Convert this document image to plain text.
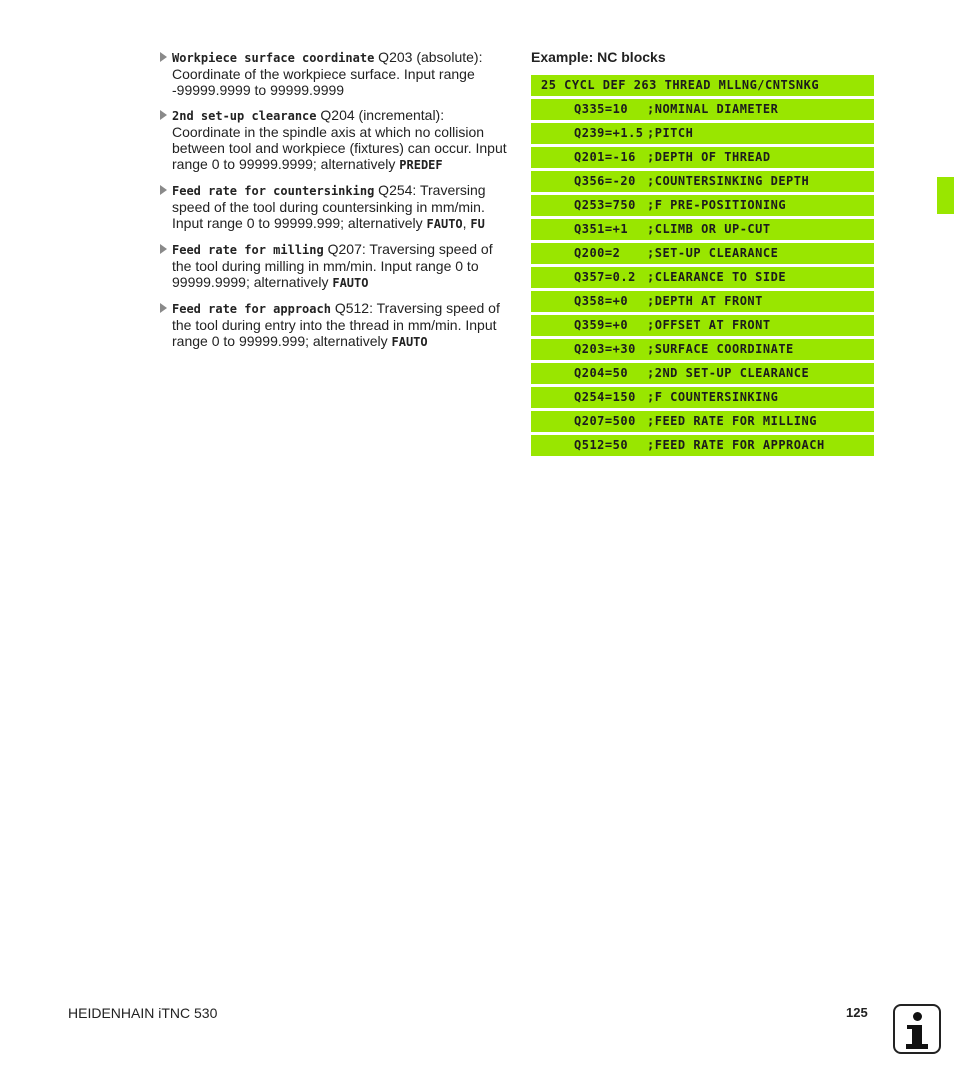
Workpiece surface coordinate Q203 (absolute): Coordinate of the workpiece surface. Input range -99999.9999 to 99999.9999
2nd set-up clearance Q204 (incremental): Coordinate in the spindle axis at which no collision between tool and workpiece (fixtures) can occur. Input range 0 to 99999.9999; alternatively PREDEF
Feed rate for countersinking Q254: Traversing speed of the tool during countersinking in mm/min. Input range 0 to 99999.999; alternatively FAUTO, FU
Feed rate for milling Q207: Traversing speed of the tool during milling in mm/min. Input range 0 to 99999.9999; alternatively FAUTO
Feed rate for approach Q512: Traversing speed of the tool during entry into the thread in mm/min. Input range 0 to 99999.999; alternatively FAUTO
Example: NC blocks
25 CYCL DEF 263 THREAD MLLNG/CNTSNKG
Q335=10 ;NOMINAL DIAMETER
Q239=+1.5 ;PITCH
Q201=-16 ;DEPTH OF THREAD
Q356=-20 ;COUNTERSINKING DEPTH
Q253=750 ;F PRE-POSITIONING
Q351=+1 ;CLIMB OR UP-CUT
Q200=2 ;SET-UP CLEARANCE
Q357=0.2 ;CLEARANCE TO SIDE
Q358=+0 ;DEPTH AT FRONT
Q359=+0 ;OFFSET AT FRONT
Q203=+30 ;SURFACE COORDINATE
Q204=50 ;2ND SET-UP CLEARANCE
Q254=150 ;F COUNTERSINKING
Q207=500 ;FEED RATE FOR MILLING
Q512=50 ;FEED RATE FOR APPROACH
HEIDENHAIN iTNC 530	125
